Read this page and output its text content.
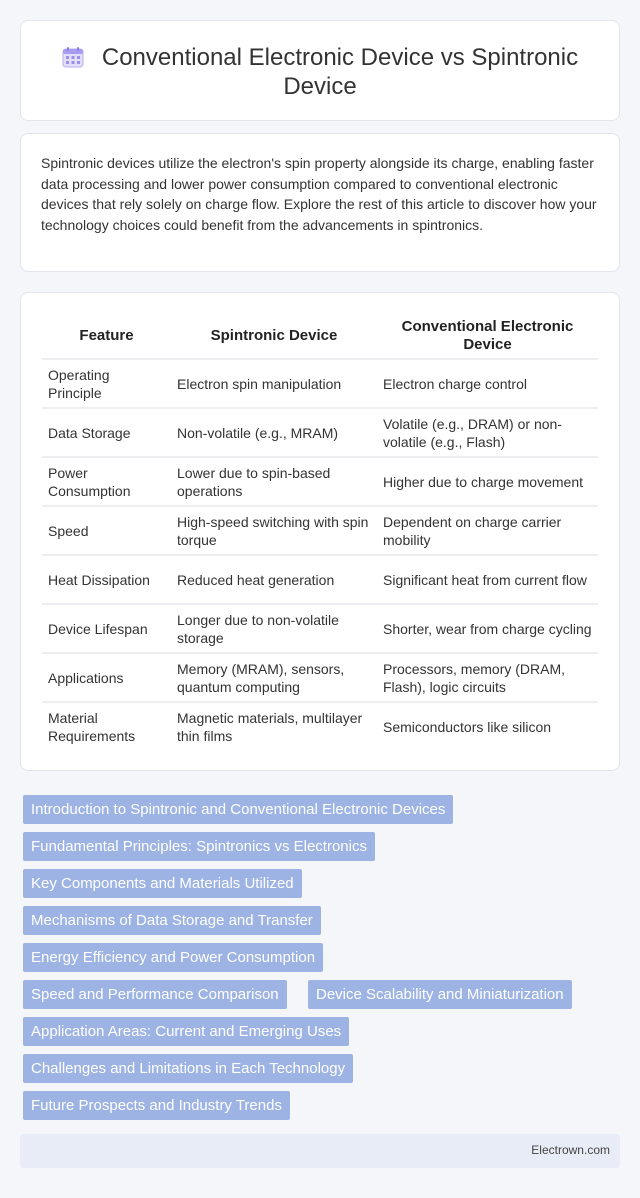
Conventional Electronic Device vs Spintronic Device

Spintronic devices utilize the electron's spin property alongside its charge, enabling faster data processing and lower power consumption compared to conventional electronic devices that rely solely on charge flow. Explore the rest of this article to discover how your technology choices could benefit from the advancements in spintronics.

Feature	Spintronic Device	Conventional Electronic Device
Operating Principle	Electron spin manipulation	Electron charge control
Data Storage	Non-volatile (e.g., MRAM)	Volatile (e.g., DRAM) or non-volatile (e.g., Flash)
Power Consumption	Lower due to spin-based operations	Higher due to charge movement
Speed	High-speed switching with spin torque	Dependent on charge carrier mobility
Heat Dissipation	Reduced heat generation	Significant heat from current flow
Device Lifespan	Longer due to non-volatile storage	Shorter, wear from charge cycling
Applications	Memory (MRAM), sensors, quantum computing	Processors, memory (DRAM, Flash), logic circuits
Material Requirements	Magnetic materials, multilayer thin films	Semiconductors like silicon
Introduction to Spintronic and Conventional Electronic Devices
Fundamental Principles: Spintronics vs Electronics
Key Components and Materials Utilized
Mechanisms of Data Storage and Transfer
Energy Efficiency and Power Consumption
Speed and Performance Comparison	Device Scalability and Miniaturization
Application Areas: Current and Emerging Uses
Challenges and Limitations in Each Technology
Future Prospects and Industry Trends
Electrown.com
